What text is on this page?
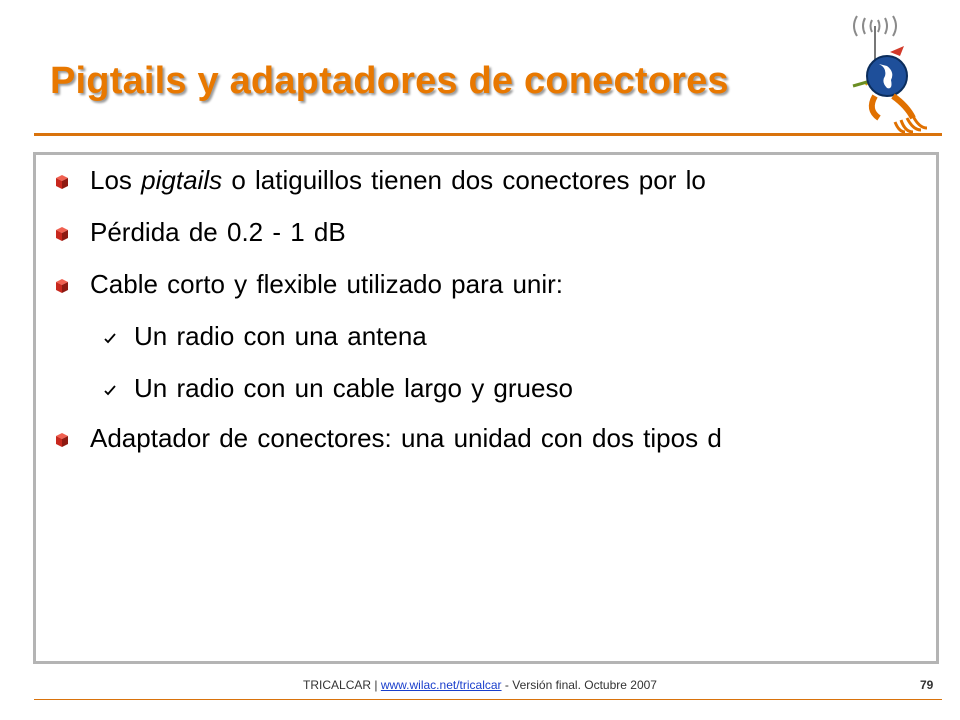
Pigtails y adaptadores de conectores
Los pigtails o latiguillos tienen dos conectores por lo
Pérdida de 0.2 - 1 dB
Cable corto y flexible utilizado para unir:
Un radio con una antena
Un radio con un cable largo y grueso
Adaptador de conectores: una unidad con dos tipos d
TRICALCAR | www.wilac.net/tricalcar - Versión final. Octubre 2007	79
